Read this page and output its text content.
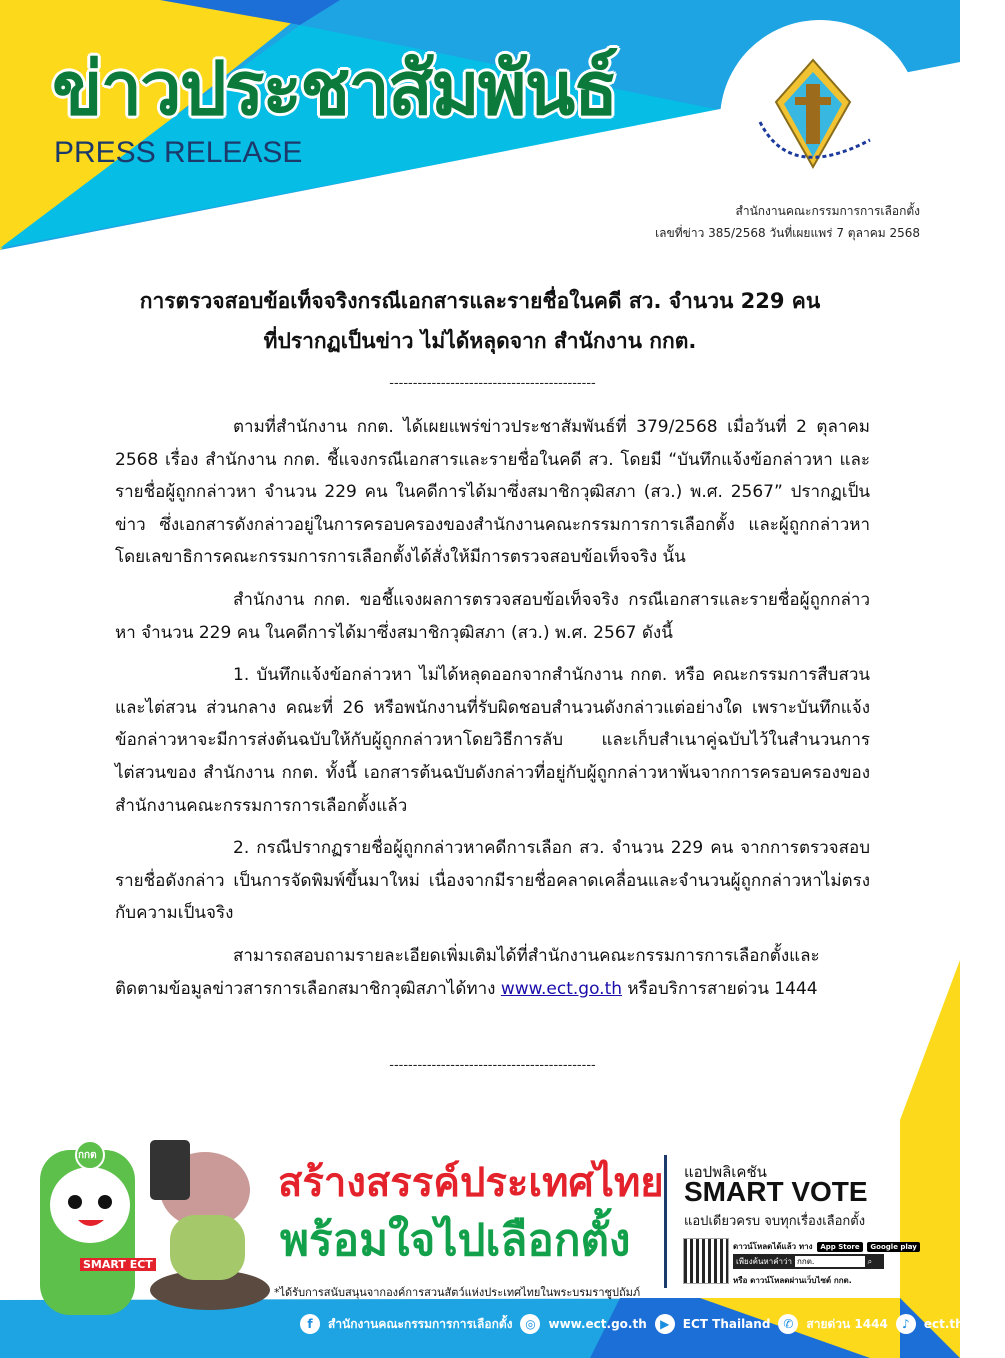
ข่าวประชาสัมพันธ์
PRESS RELEASE
สำนักงานคณะกรรมการการเลือกตั้ง
เลขที่ข่าว 385/2568 วันที่เผยแพร่ 7 ตุลาคม 2568
การตรวจสอบข้อเท็จจริงกรณีเอกสารและรายชื่อในคดี สว. จำนวน 229 คน
ที่ปรากฏเป็นข่าว ไม่ได้หลุดจาก สำนักงาน กกต.
--------------------------------------------

ตามที่สำนักงาน กกต. ได้เผยแพร่ข่าวประชาสัมพันธ์ที่ 379/2568 เมื่อวันที่ 2 ตุลาคม 2568 เรื่อง สำนักงาน กกต. ชี้แจงกรณีเอกสารและรายชื่อในคดี สว. โดยมี “บันทึกแจ้งข้อกล่าวหา และรายชื่อผู้ถูกกล่าวหา จำนวน 229 คน ในคดีการได้มาซึ่งสมาชิกวุฒิสภา (สว.) พ.ศ. 2567” ปรากฏเป็นข่าว ซึ่งเอกสารดังกล่าวอยู่ในการครอบครองของสำนักงานคณะกรรมการการเลือกตั้ง และผู้ถูกกล่าวหา โดยเลขาธิการคณะกรรมการการเลือกตั้งได้สั่งให้มีการตรวจสอบข้อเท็จจริง นั้น

สำนักงาน กกต. ขอชี้แจงผลการตรวจสอบข้อเท็จจริง กรณีเอกสารและรายชื่อผู้ถูกกล่าวหา จำนวน 229 คน ในคดีการได้มาซึ่งสมาชิกวุฒิสภา (สว.) พ.ศ. 2567 ดังนี้

1. บันทึกแจ้งข้อกล่าวหา ไม่ได้หลุดออกจากสำนักงาน กกต. หรือ คณะกรรมการสืบสวนและไต่สวน ส่วนกลาง คณะที่ 26 หรือพนักงานที่รับผิดชอบสำนวนดังกล่าวแต่อย่างใด เพราะบันทึกแจ้งข้อกล่าวหาจะมีการส่งต้นฉบับให้กับผู้ถูกกล่าวหาโดยวิธีการลับ และเก็บสำเนาคู่ฉบับไว้ในสำนวนการไต่สวนของ สำนักงาน กกต. ทั้งนี้ เอกสารต้นฉบับดังกล่าวที่อยู่กับผู้ถูกกล่าวหาพ้นจากการครอบครองของสำนักงานคณะกรรมการการเลือกตั้งแล้ว

2. กรณีปรากฏรายชื่อผู้ถูกกล่าวหาคดีการเลือก สว. จำนวน 229 คน จากการตรวจสอบรายชื่อดังกล่าว เป็นการจัดพิมพ์ขึ้นมาใหม่ เนื่องจากมีรายชื่อคลาดเคลื่อนและจำนวนผู้ถูกกล่าวหาไม่ตรงกับความเป็นจริง

สามารถสอบถามรายละเอียดเพิ่มเติมได้ที่สำนักงานคณะกรรมการการเลือกตั้งและติดตามข้อมูลข่าวสารการเลือกสมาชิกวุฒิสภาได้ทาง www.ect.go.th หรือบริการสายด่วน 1444

--------------------------------------------
กกต
SMART ECT
สร้างสรรค์ประเทศไทย
พร้อมใจไปเลือกตั้ง
*ได้รับการสนับสนุนจากองค์การสวนสัตว์แห่งประเทศไทยในพระบรมราชูปถัมภ์
แอปพลิเคชัน
SMART VOTE
แอปเดียวครบ จบทุกเรื่องเลือกตั้ง
ดาวน์โหลดได้แล้ว ทาง App Store Google play
เพียงค้นหาคำว่า กกต.	⌕
หรือ ดาวน์โหลดผ่านเว็บไซต์ กกต.
f	สำนักงานคณะกรรมการการเลือกตั้ง	◎	www.ect.go.th	▶	ECT Thailand	✆	สายด่วน 1444	♪	ect.thailand
